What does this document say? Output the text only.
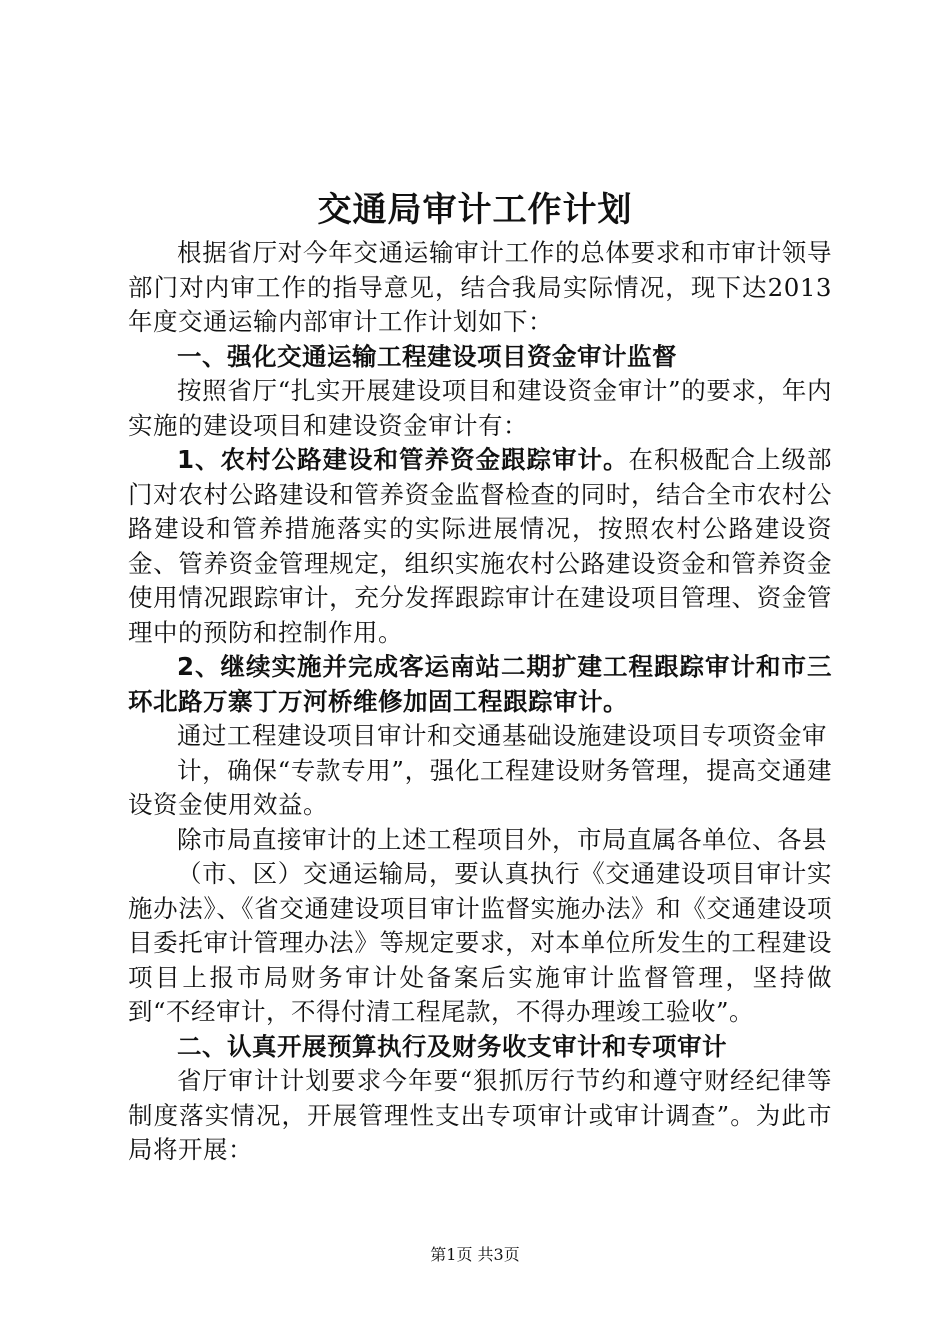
交通局审计工作计划

根据省厅对今年交通运输审计工作的总体要求和市审计领导部门对内审工作的指导意见，结合我局实际情况，现下达2013年度交通运输内部审计工作计划如下：

一、强化交通运输工程建设项目资金审计监督

按照省厅“扎实开展建设项目和建设资金审计”的要求，年内实施的建设项目和建设资金审计有：

1、农村公路建设和管养资金跟踪审计。在积极配合上级部门对农村公路建设和管养资金监督检查的同时，结合全市农村公路建设和管养措施落实的实际进展情况，按照农村公路建设资金、管养资金管理规定，组织实施农村公路建设资金和管养资金使用情况跟踪审计，充分发挥跟踪审计在建设项目管理、资金管理中的预防和控制作用。

2、继续实施并完成客运南站二期扩建工程跟踪审计和市三环北路万寨丁万河桥维修加固工程跟踪审计。

通过工程建设项目审计和交通基础设施建设项目专项资金审

计，确保“专款专用”，强化工程建设财务管理，提高交通建设资金使用效益。

除市局直接审计的上述工程项目外，市局直属各单位、各县

（市、区）交通运输局，要认真执行《交通建设项目审计实施办法》、《省交通建设项目审计监督实施办法》和《交通建设项目委托审计管理办法》等规定要求，对本单位所发生的工程建设项目上报市局财务审计处备案后实施审计监督管理，坚持做到“不经审计，不得付清工程尾款，不得办理竣工验收”。

二、认真开展预算执行及财务收支审计和专项审计

省厅审计计划要求今年要“狠抓厉行节约和遵守财经纪律等制度落实情况，开展管理性支出专项审计或审计调查”。为此市局将开展：

第1页 共3页
